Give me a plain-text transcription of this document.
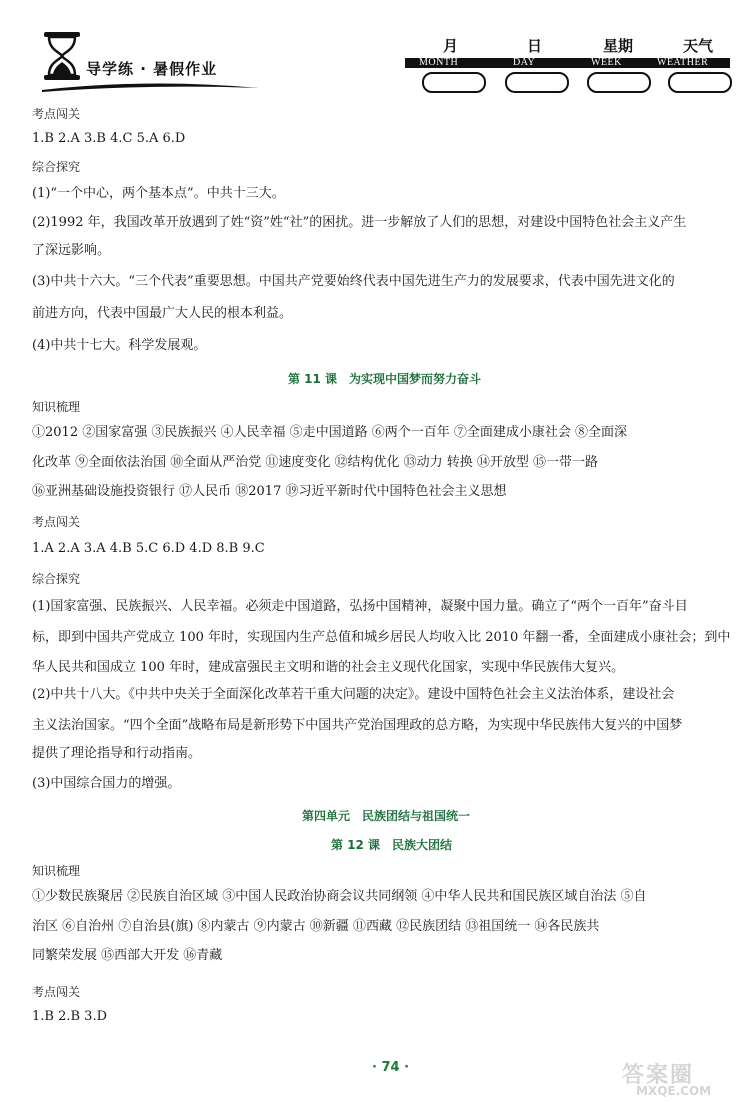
导学练 · 暑假作业
月	日	星期	天气
MONTH	DAY	WEEK	WEATHER
考点闯关
1.B 2.A 3.B 4.C 5.A 6.D
综合探究
(1)“一个中心，两个基本点”。中共十三大。
(2)1992 年，我国改革开放遇到了姓“资”姓“社”的困扰。进一步解放了人们的思想，对建设中国特色社会主义产生
了深远影响。
(3)中共十六大。“三个代表”重要思想。中国共产党要始终代表中国先进生产力的发展要求，代表中国先进文化的
前进方向，代表中国最广大人民的根本利益。
(4)中共十七大。科学发展观。
第 11 课　为实现中国梦而努力奋斗
知识梳理
①2012 ②国家富强 ③民族振兴 ④人民幸福 ⑤走中国道路 ⑥两个一百年 ⑦全面建成小康社会 ⑧全面深
化改革 ⑨全面依法治国 ⑩全面从严治党 ⑪速度变化 ⑫结构优化 ⑬动力 转换 ⑭开放型 ⑮一带一路
⑯亚洲基础设施投资银行 ⑰人民币 ⑱2017 ⑲习近平新时代中国特色社会主义思想
考点闯关
1.A 2.A 3.A 4.B 5.C 6.D 4.D 8.B 9.C
综合探究
(1)国家富强、民族振兴、人民幸福。必须走中国道路，弘扬中国精神，凝聚中国力量。确立了“两个一百年”奋斗目
标，即到中国共产党成立 100 年时，实现国内生产总值和城乡居民人均收入比 2010 年翻一番，全面建成小康社会；到中
华人民共和国成立 100 年时，建成富强民主文明和谐的社会主义现代化国家，实现中华民族伟大复兴。
(2)中共十八大。《中共中央关于全面深化改革若干重大问题的决定》。建设中国特色社会主义法治体系，建设社会
主义法治国家。“四个全面”战略布局是新形势下中国共产党治国理政的总方略，为实现中华民族伟大复兴的中国梦
提供了理论指导和行动指南。
(3)中国综合国力的增强。
第四单元　民族团结与祖国统一
第 12 课　民族大团结
知识梳理
①少数民族聚居 ②民族自治区域 ③中国人民政治协商会议共同纲领 ④中华人民共和国民族区域自治法 ⑤自
治区 ⑥自治州 ⑦自治县(旗) ⑧内蒙古 ⑨内蒙古 ⑩新疆 ⑪西藏 ⑫民族团结 ⑬祖国统一 ⑭各民族共
同繁荣发展 ⑮西部大开发 ⑯青藏
考点闯关
1.B 2.B 3.D
· 74 ·	答案圈
MXQE.COM
